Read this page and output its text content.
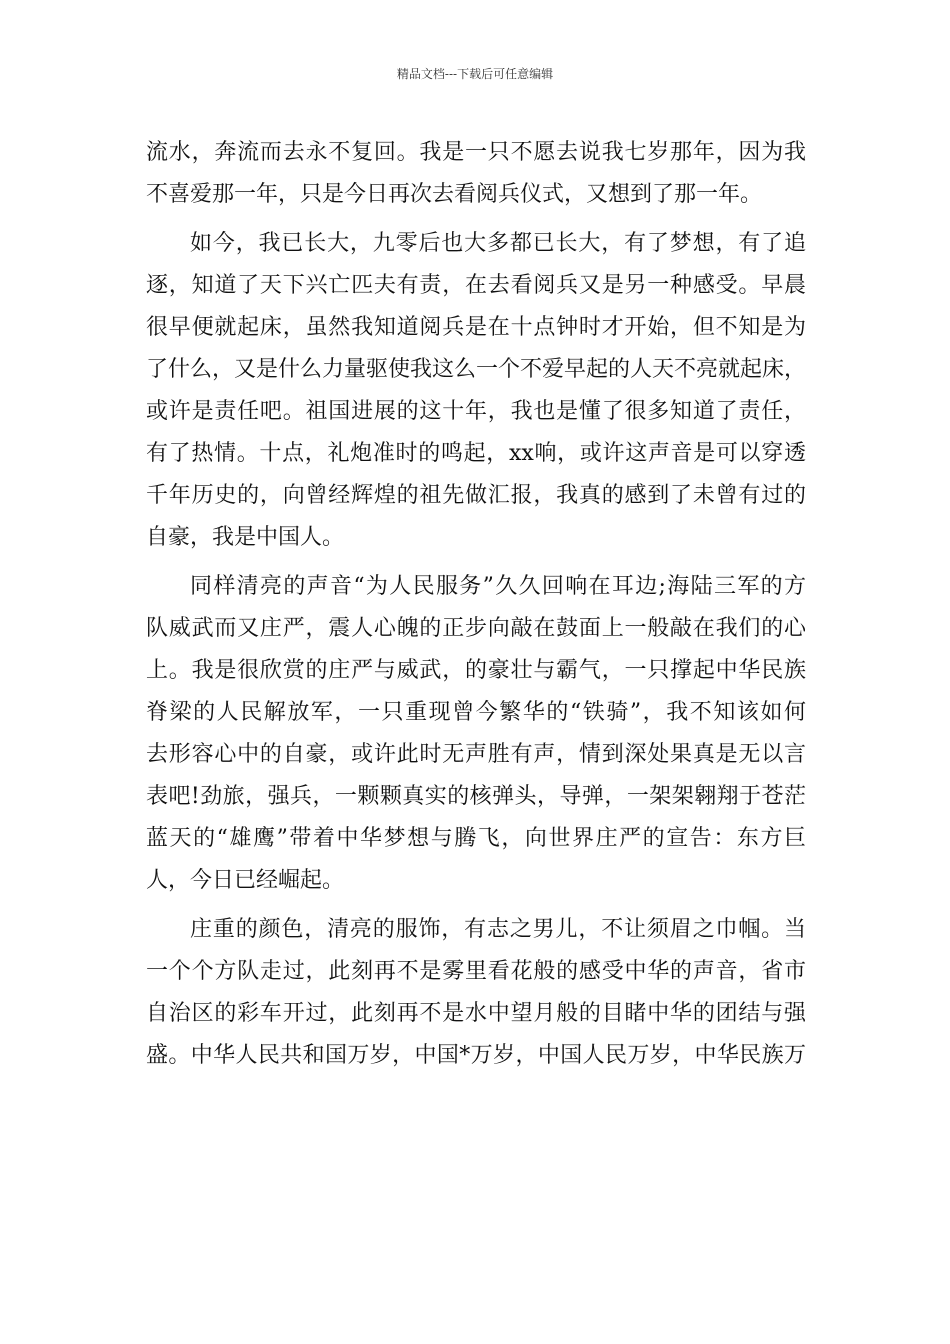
精品文档---下载后可任意编辑
流水，奔流而去永不复回。我是一只不愿去说我七岁那年，因为我
不喜爱那一年，只是今日再次去看阅兵仪式，又想到了那一年。
如今，我已长大，九零后也大多都已长大，有了梦想，有了追
逐，知道了天下兴亡匹夫有责，在去看阅兵又是另一种感受。早晨
很早便就起床，虽然我知道阅兵是在十点钟时才开始，但不知是为
了什么，又是什么力量驱使我这么一个不爱早起的人天不亮就起床，
或许是责任吧。祖国进展的这十年，我也是懂了很多知道了责任，
有了热情。十点，礼炮准时的鸣起，xx响，或许这声音是可以穿透
千年历史的，向曾经辉煌的祖先做汇报，我真的感到了未曾有过的
自豪，我是中国人。
同样清亮的声音“为人民服务”久久回响在耳边;海陆三军的方
队威武而又庄严，震人心魄的正步向敲在鼓面上一般敲在我们的心
上。我是很欣赏的庄严与威武，的豪壮与霸气，一只撑起中华民族
脊梁的人民解放军，一只重现曾今繁华的“铁骑”，我不知该如何
去形容心中的自豪，或许此时无声胜有声，情到深处果真是无以言
表吧!劲旅，强兵，一颗颗真实的核弹头，导弹，一架架翱翔于苍茫
蓝天的“雄鹰”带着中华梦想与腾飞，向世界庄严的宣告：东方巨
人，今日已经崛起。
庄重的颜色，清亮的服饰，有志之男儿，不让须眉之巾帼。当
一个个方队走过，此刻再不是雾里看花般的感受中华的声音，省市
自治区的彩车开过，此刻再不是水中望月般的目睹中华的团结与强
盛。中华人民共和国万岁，中国*万岁，中国人民万岁，中华民族万
